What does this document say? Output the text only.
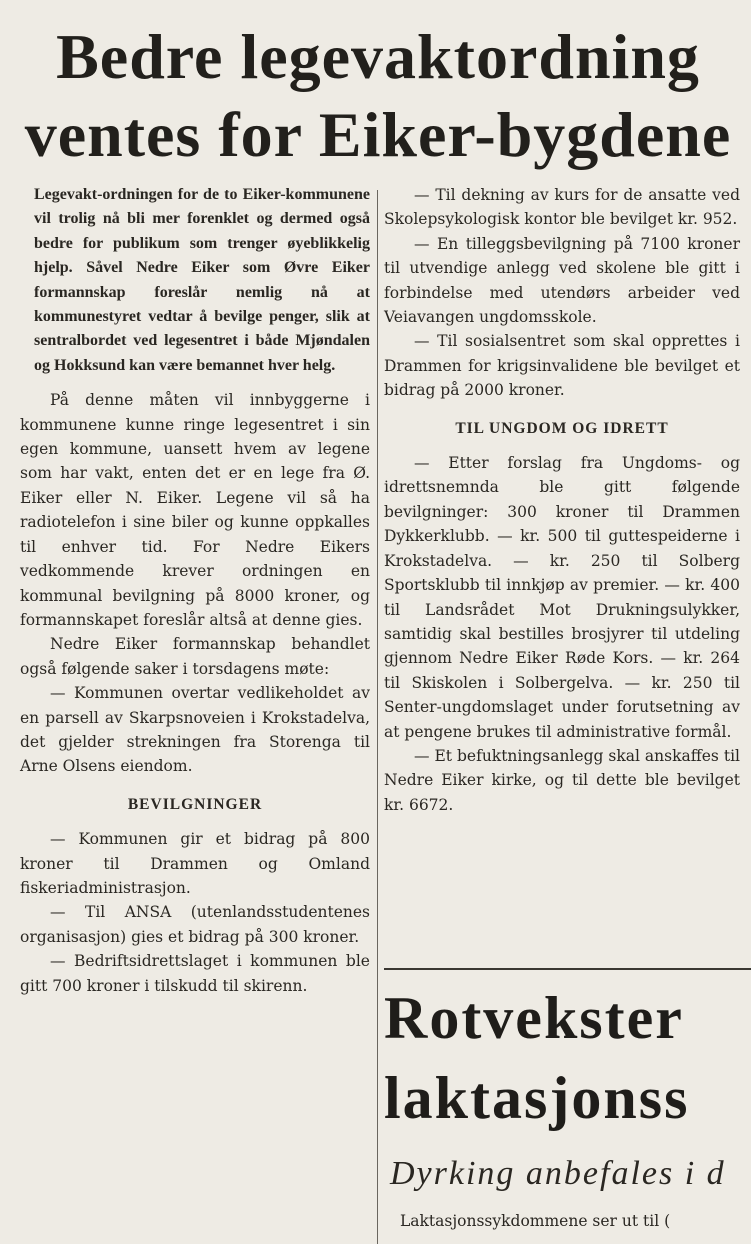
Bedre legevaktordning
ventes for Eiker-bygdene

Legevakt-ordningen for de to Eiker-kommunene vil trolig nå bli mer forenklet og dermed også bedre for publikum som trenger øyeblikkelig hjelp. Såvel Nedre Eiker som Øvre Eiker formannskap foreslår nemlig nå at kommunestyret vedtar å bevilge penger, slik at sentralbordet ved legesentret i både Mjøndalen og Hokksund kan være bemannet hver helg.

På denne måten vil innbyggerne i kommunene kunne ringe legesentret i sin egen kommune, uansett hvem av legene som har vakt, enten det er en lege fra Ø. Eiker eller N. Eiker. Legene vil så ha radiotelefon i sine biler og kunne oppkalles til enhver tid. For Nedre Eikers vedkommende krever ordningen en kommunal bevilgning på 8000 kroner, og formannskapet foreslår altså at denne gies.

Nedre Eiker formannskap behandlet også følgende saker i torsdagens møte:

— Kommunen overtar vedlikeholdet av en parsell av Skarpsnoveien i Krokstadelva, det gjelder strekningen fra Storenga til Arne Olsens eiendom.

BEVILGNINGER

— Kommunen gir et bidrag på 800 kroner til Drammen og Omland fiskeriadministrasjon.

— Til ANSA (utenlandsstudentenes organisasjon) gies et bidrag på 300 kroner.

— Bedriftsidrettslaget i kommunen ble gitt 700 kroner i tilskudd til skirenn.

— Til dekning av kurs for de ansatte ved Skolepsykologisk kontor ble bevilget kr. 952.

— En tilleggsbevilgning på 7100 kroner til utvendige anlegg ved skolene ble gitt i forbindelse med utendørs arbeider ved Veiavangen ungdomsskole.

— Til sosialsentret som skal opprettes i Drammen for krigsinvalidene ble bevilget et bidrag på 2000 kroner.

TIL UNGDOM OG IDRETT

— Etter forslag fra Ungdoms- og idrettsnemnda ble gitt følgende bevilgninger: 300 kroner til Drammen Dykkerklubb. — kr. 500 til guttespeiderne i Krokstadelva. — kr. 250 til Solberg Sportsklubb til innkjøp av premier. — kr. 400 til Landsrådet Mot Drukningsulykker, samtidig skal bestilles brosjyrer til utdeling gjennom Nedre Eiker Røde Kors. — kr. 264 til Skiskolen i Solbergelva. — kr. 250 til Senter-ungdomslaget under forutsetning av at pengene brukes til administrative formål.

— Et befuktningsanlegg skal anskaffes til Nedre Eiker kirke, og til dette ble bevilget kr. 6672.

Rotvekster
laktasjonss
Dyrking anbefales i d
Laktasjonssykdommene ser ut til (
